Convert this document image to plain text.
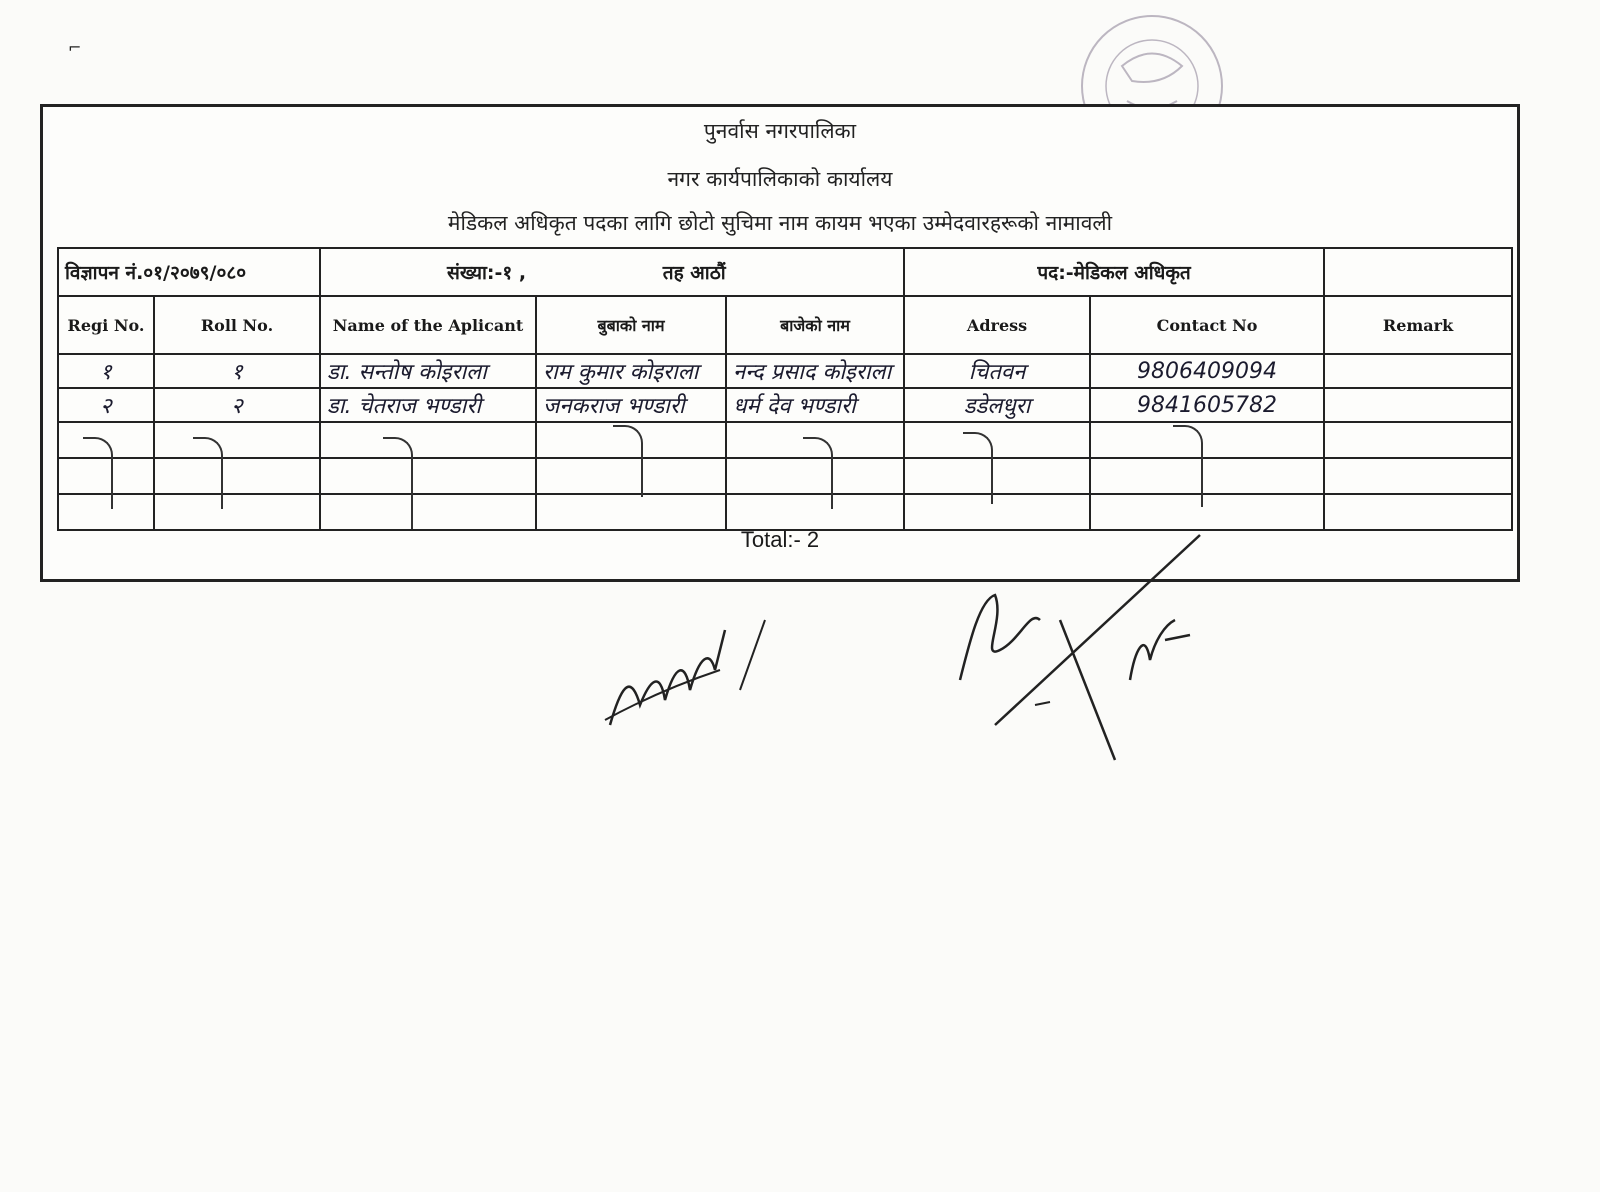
⌐
पुनर्वास नगरपालिका
नगर कार्यपालिकाको कार्यालय
मेडिकल अधिकृत पदका लागि छोटो सुचिमा नाम कायम भएका उम्मेदवारहरूको नामावली
विज्ञापन नं.०१/२०७९/०८०		संख्या:-१ , तह आठौं			पद:-मेडिकल अधिकृत		
Regi No.	Roll No.	Name of the Aplicant	बुबाको नाम	बाजेको नाम	Adress	Contact No	Remark
१	१	डा. सन्तोष कोइराला	राम कुमार कोइराला	नन्द प्रसाद कोइराला	चितवन	9806409094	
२	२	डा. चेतराज भण्डारी	जनकराज भण्डारी	धर्म देव भण्डारी	डडेलधुरा	9841605782	

Total:- 2
